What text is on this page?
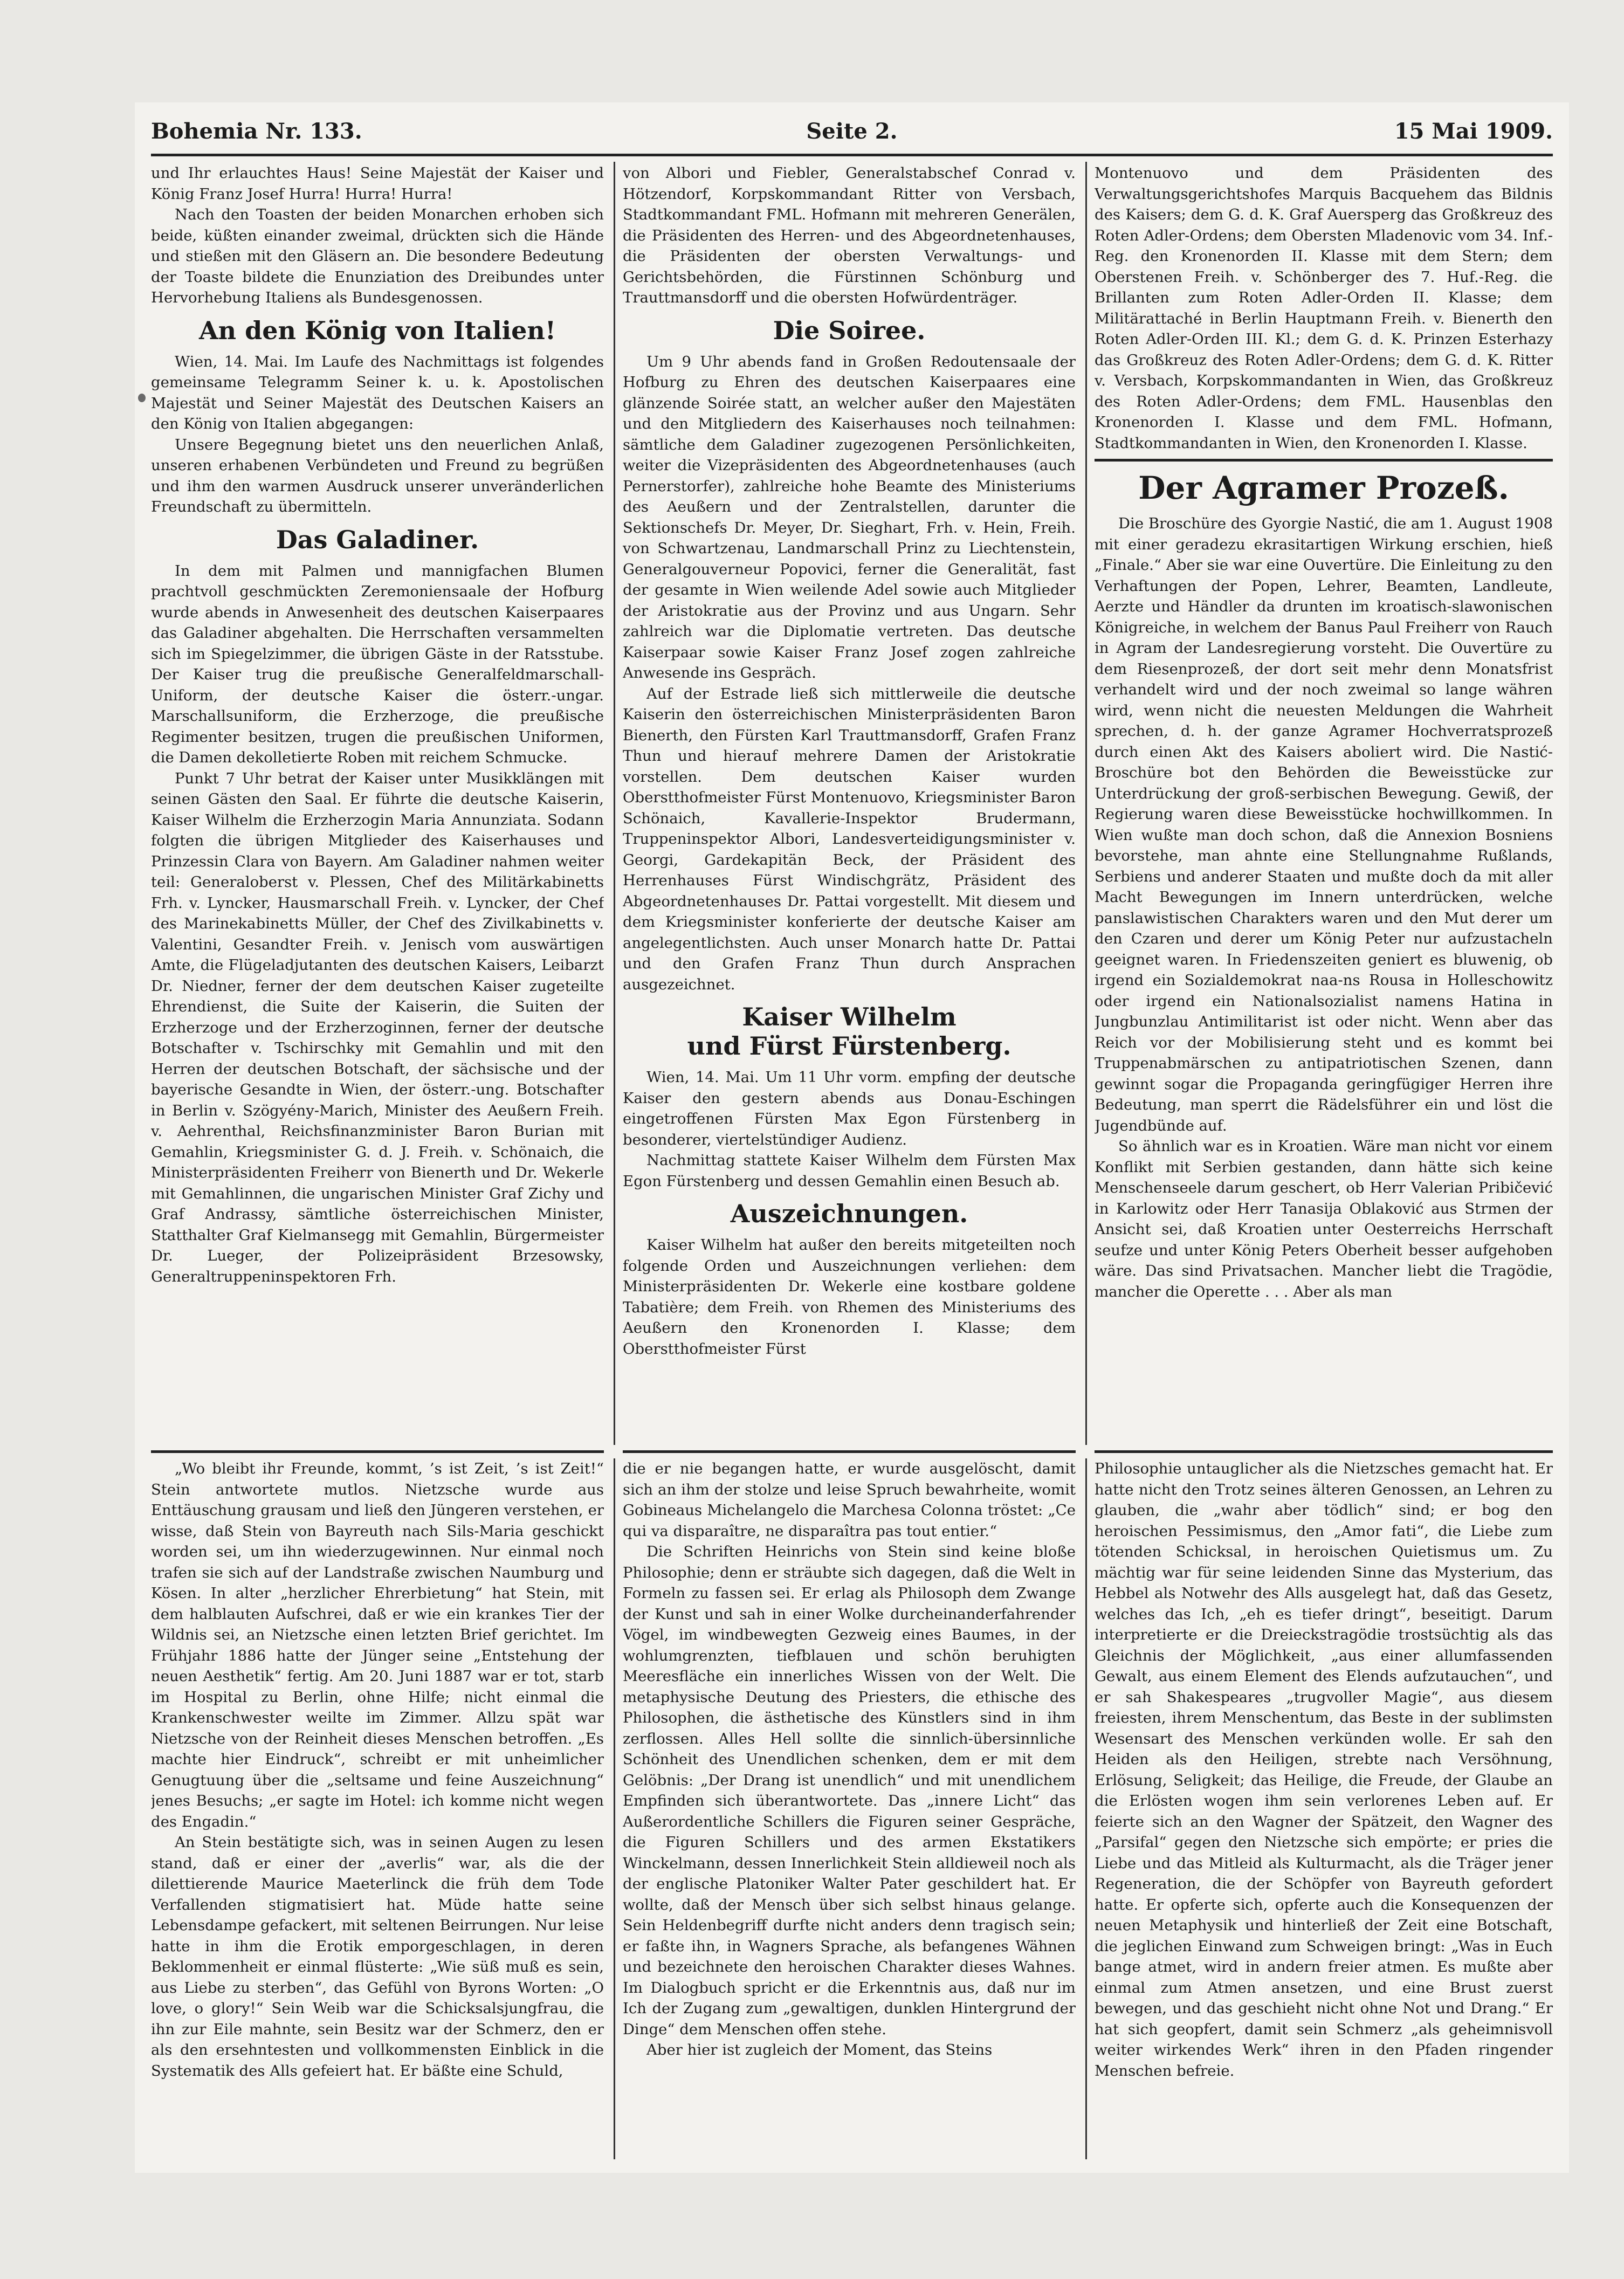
Bohemia Nr. 133.	Seite 2.	15 Mai 1909.

und Ihr erlauchtes Haus! Seine Majestät der Kaiser und König Franz Josef Hurra! Hurra! Hurra!

Nach den Toasten der beiden Monarchen erhoben sich beide, küßten einander zweimal, drückten sich die Hände und stießen mit den Gläsern an. Die besondere Bedeutung der Toaste bildete die Enunziation des Dreibundes unter Hervorhebung Italiens als Bundesgenossen.

An den König von Italien!

Wien, 14. Mai. Im Laufe des Nachmittags ist folgendes gemeinsame Telegramm Seiner k. u. k. Apostolischen Majestät und Seiner Majestät des Deutschen Kaisers an den König von Italien abgegangen:

Unsere Begegnung bietet uns den neuerlichen Anlaß, unseren erhabenen Verbündeten und Freund zu begrüßen und ihm den warmen Ausdruck unserer unveränderlichen Freundschaft zu übermitteln.

Das Galadiner.

In dem mit Palmen und mannigfachen Blumen prachtvoll geschmückten Zeremoniensaale der Hofburg wurde abends in Anwesenheit des deutschen Kaiserpaares das Galadiner abgehalten. Die Herrschaften versammelten sich im Spiegelzimmer, die übrigen Gäste in der Ratsstube. Der Kaiser trug die preußische Generalfeldmarschall-Uniform, der deutsche Kaiser die österr.-ungar. Marschallsuniform, die Erzherzoge, die preußische Regimenter besitzen, trugen die preußischen Uniformen, die Damen dekolletierte Roben mit reichem Schmucke.

Punkt 7 Uhr betrat der Kaiser unter Musikklängen mit seinen Gästen den Saal. Er führte die deutsche Kaiserin, Kaiser Wilhelm die Erzherzogin Maria Annunziata. Sodann folgten die übrigen Mitglieder des Kaiserhauses und Prinzessin Clara von Bayern. Am Galadiner nahmen weiter teil: Generaloberst v. Plessen, Chef des Militärkabinetts Frh. v. Lyncker, Hausmarschall Freih. v. Lyncker, der Chef des Marinekabinetts Müller, der Chef des Zivilkabinetts v. Valentini, Gesandter Freih. v. Jenisch vom auswärtigen Amte, die Flügeladjutanten des deutschen Kaisers, Leibarzt Dr. Niedner, ferner der dem deutschen Kaiser zugeteilte Ehrendienst, die Suite der Kaiserin, die Suiten der Erzherzoge und der Erzherzoginnen, ferner der deutsche Botschafter v. Tschirschky mit Gemahlin und mit den Herren der deutschen Botschaft, der sächsische und der bayerische Gesandte in Wien, der österr.-ung. Botschafter in Berlin v. Szögyény-Marich, Minister des Aeußern Freih. v. Aehrenthal, Reichsfinanzminister Baron Burian mit Gemahlin, Kriegsminister G. d. J. Freih. v. Schönaich, die Ministerpräsidenten Freiherr von Bienerth und Dr. Wekerle mit Gemahlinnen, die ungarischen Minister Graf Zichy und Graf Andrassy, sämtliche österreichischen Minister, Statthalter Graf Kielmansegg mit Gemahlin, Bürgermeister Dr. Lueger, der Polizeipräsident Brzesowsky, Generaltruppeninspektoren Frh.

von Albori und Fiebler, Generalstabschef Conrad v. Hötzendorf, Korpskommandant Ritter von Versbach, Stadtkommandant FML. Hofmann mit mehreren Generälen, die Präsidenten des Herren- und des Abgeordnetenhauses, die Präsidenten der obersten Verwaltungs- und Gerichtsbehörden, die Fürstinnen Schönburg und Trauttmansdorff und die obersten Hofwürdenträger.

Die Soiree.

Um 9 Uhr abends fand in Großen Redoutensaale der Hofburg zu Ehren des deutschen Kaiserpaares eine glänzende Soirée statt, an welcher außer den Majestäten und den Mitgliedern des Kaiserhauses noch teilnahmen: sämtliche dem Galadiner zugezogenen Persönlichkeiten, weiter die Vizepräsidenten des Abgeordnetenhauses (auch Pernerstorfer), zahlreiche hohe Beamte des Ministeriums des Aeußern und der Zentralstellen, darunter die Sektionschefs Dr. Meyer, Dr. Sieghart, Frh. v. Hein, Freih. von Schwartzenau, Landmarschall Prinz zu Liechtenstein, Generalgouverneur Popovici, ferner die Generalität, fast der gesamte in Wien weilende Adel sowie auch Mitglieder der Aristokratie aus der Provinz und aus Ungarn. Sehr zahlreich war die Diplomatie vertreten. Das deutsche Kaiserpaar sowie Kaiser Franz Josef zogen zahlreiche Anwesende ins Gespräch.

Auf der Estrade ließ sich mittlerweile die deutsche Kaiserin den österreichischen Ministerpräsidenten Baron Bienerth, den Fürsten Karl Trauttmansdorff, Grafen Franz Thun und hierauf mehrere Damen der Aristokratie vorstellen. Dem deutschen Kaiser wurden Oberstthofmeister Fürst Montenuovo, Kriegsminister Baron Schönaich, Kavallerie-Inspektor Brudermann, Truppeninspektor Albori, Landesverteidigungsminister v. Georgi, Gardekapitän Beck, der Präsident des Herrenhauses Fürst Windischgrätz, Präsident des Abgeordnetenhauses Dr. Pattai vorgestellt. Mit diesem und dem Kriegsminister konferierte der deutsche Kaiser am angelegentlichsten. Auch unser Monarch hatte Dr. Pattai und den Grafen Franz Thun durch Ansprachen ausgezeichnet.

Kaiser Wilhelm
und Fürst Fürstenberg.

Wien, 14. Mai. Um 11 Uhr vorm. empfing der deutsche Kaiser den gestern abends aus Donau-Eschingen eingetroffenen Fürsten Max Egon Fürstenberg in besonderer, viertelstündiger Audienz.

Nachmittag stattete Kaiser Wilhelm dem Fürsten Max Egon Fürstenberg und dessen Gemahlin einen Besuch ab.

Auszeichnungen.

Kaiser Wilhelm hat außer den bereits mitgeteilten noch folgende Orden und Auszeichnungen verliehen: dem Ministerpräsidenten Dr. Wekerle eine kostbare goldene Tabatière; dem Freih. von Rhemen des Ministeriums des Aeußern den Kronenorden I. Klasse; dem Oberstthofmeister Fürst

Montenuovo und dem Präsidenten des Verwaltungsgerichtshofes Marquis Bacquehem das Bildnis des Kaisers; dem G. d. K. Graf Auersperg das Großkreuz des Roten Adler-Ordens; dem Obersten Mladenovic vom 34. Inf.-Reg. den Kronenorden II. Klasse mit dem Stern; dem Oberstenen Freih. v. Schönberger des 7. Huf.-Reg. die Brillanten zum Roten Adler-Orden II. Klasse; dem Militärattaché in Berlin Hauptmann Freih. v. Bienerth den Roten Adler-Orden III. Kl.; dem G. d. K. Prinzen Esterhazy das Großkreuz des Roten Adler-Ordens; dem G. d. K. Ritter v. Versbach, Korpskommandanten in Wien, das Großkreuz des Roten Adler-Ordens; dem FML. Hausenblas den Kronenorden I. Klasse und dem FML. Hofmann, Stadtkommandanten in Wien, den Kronenorden I. Klasse.

Der Agramer Prozeß.

Die Broschüre des Gyorgie Nastić, die am 1. August 1908 mit einer geradezu ekrasitartigen Wirkung erschien, hieß „Finale.“ Aber sie war eine Ouvertüre. Die Einleitung zu den Verhaftungen der Popen, Lehrer, Beamten, Landleute, Aerzte und Händler da drunten im kroatisch-slawonischen Königreiche, in welchem der Banus Paul Freiherr von Rauch in Agram der Landesregierung vorsteht. Die Ouvertüre zu dem Riesenprozeß, der dort seit mehr denn Monatsfrist verhandelt wird und der noch zweimal so lange währen wird, wenn nicht die neuesten Meldungen die Wahrheit sprechen, d. h. der ganze Agramer Hochverratsprozeß durch einen Akt des Kaisers aboliert wird. Die Nastić-Broschüre bot den Behörden die Beweisstücke zur Unterdrückung der groß-serbischen Bewegung. Gewiß, der Regierung waren diese Beweisstücke hochwillkommen. In Wien wußte man doch schon, daß die Annexion Bosniens bevorstehe, man ahnte eine Stellungnahme Rußlands, Serbiens und anderer Staaten und mußte doch da mit aller Macht Bewegungen im Innern unterdrücken, welche panslawistischen Charakters waren und den Mut derer um den Czaren und derer um König Peter nur aufzustacheln geeignet waren. In Friedenszeiten geniert es bluwenig, ob irgend ein Sozialdemokrat naa-ns Rousa in Holleschowitz oder irgend ein Nationalsozialist namens Hatina in Jungbunzlau Antimilitarist ist oder nicht. Wenn aber das Reich vor der Mobilisierung steht und es kommt bei Truppenabmärschen zu antipatriotischen Szenen, dann gewinnt sogar die Propaganda geringfügiger Herren ihre Bedeutung, man sperrt die Rädelsführer ein und löst die Jugendbünde auf.

So ähnlich war es in Kroatien. Wäre man nicht vor einem Konflikt mit Serbien gestanden, dann hätte sich keine Menschenseele darum geschert, ob Herr Valerian Pribičević in Karlowitz oder Herr Tanasija Oblaković aus Strmen der Ansicht sei, daß Kroatien unter Oesterreichs Herrschaft seufze und unter König Peters Oberheit besser aufgehoben wäre. Das sind Privatsachen. Mancher liebt die Tragödie, mancher die Operette . . . Aber als man

„Wo bleibt ihr Freunde, kommt, ’s ist Zeit, ’s ist Zeit!“ Stein antwortete mutlos. Nietzsche wurde aus Enttäuschung grausam und ließ den Jüngeren verstehen, er wisse, daß Stein von Bayreuth nach Sils-Maria geschickt worden sei, um ihn wiederzugewinnen. Nur einmal noch trafen sie sich auf der Landstraße zwischen Naumburg und Kösen. In alter „herzlicher Ehrerbietung“ hat Stein, mit dem halblauten Aufschrei, daß er wie ein krankes Tier der Wildnis sei, an Nietzsche einen letzten Brief gerichtet. Im Frühjahr 1886 hatte der Jünger seine „Entstehung der neuen Aesthetik“ fertig. Am 20. Juni 1887 war er tot, starb im Hospital zu Berlin, ohne Hilfe; nicht einmal die Krankenschwester weilte im Zimmer. Allzu spät war Nietzsche von der Reinheit dieses Menschen betroffen. „Es machte hier Eindruck“, schreibt er mit unheimlicher Genugtuung über die „seltsame und feine Auszeichnung“ jenes Besuchs; „er sagte im Hotel: ich komme nicht wegen des Engadin.“

An Stein bestätigte sich, was in seinen Augen zu lesen stand, daß er einer der „averlis“ war, als die der dilettierende Maurice Maeterlinck die früh dem Tode Verfallenden stigmatisiert hat. Müde hatte seine Lebensdampe gefackert, mit seltenen Beirrungen. Nur leise hatte in ihm die Erotik emporgeschlagen, in deren Beklommenheit er einmal flüsterte: „Wie süß muß es sein, aus Liebe zu sterben“, das Gefühl von Byrons Worten: „O love, o glory!“ Sein Weib war die Schicksalsjungfrau, die ihn zur Eile mahnte, sein Besitz war der Schmerz, den er als den ersehntesten und vollkommensten Einblick in die Systematik des Alls gefeiert hat. Er bäßte eine Schuld,

die er nie begangen hatte, er wurde ausgelöscht, damit sich an ihm der stolze und leise Spruch bewahrheite, womit Gobineaus Michelangelo die Marchesa Colonna tröstet: „Ce qui va disparaître, ne disparaîtra pas tout entier.“

Die Schriften Heinrichs von Stein sind keine bloße Philosophie; denn er sträubte sich dagegen, daß die Welt in Formeln zu fassen sei. Er erlag als Philosoph dem Zwange der Kunst und sah in einer Wolke durcheinanderfahrender Vögel, im windbewegten Gezweig eines Baumes, in der wohlumgrenzten, tiefblauen und schön beruhigten Meeresfläche ein innerliches Wissen von der Welt. Die metaphysische Deutung des Priesters, die ethische des Philosophen, die ästhetische des Künstlers sind in ihm zerflossen. Alles Hell sollte die sinnlich-übersinnliche Schönheit des Unendlichen schenken, dem er mit dem Gelöbnis: „Der Drang ist unendlich“ und mit unendlichem Empfinden sich überantwortete. Das „innere Licht“ das Außerordentliche Schillers die Figuren seiner Gespräche, die Figuren Schillers und des armen Ekstatikers Winckelmann, dessen Innerlichkeit Stein alldieweil noch als der englische Platoniker Walter Pater geschildert hat. Er wollte, daß der Mensch über sich selbst hinaus gelange. Sein Heldenbegriff durfte nicht anders denn tragisch sein; er faßte ihn, in Wagners Sprache, als befangenes Wähnen und bezeichnete den heroischen Charakter dieses Wahnes. Im Dialogbuch spricht er die Erkenntnis aus, daß nur im Ich der Zugang zum „gewaltigen, dunklen Hintergrund der Dinge“ dem Menschen offen stehe.

Aber hier ist zugleich der Moment, das Steins

Philosophie untauglicher als die Nietzsches gemacht hat. Er hatte nicht den Trotz seines älteren Genossen, an Lehren zu glauben, die „wahr aber tödlich“ sind; er bog den heroischen Pessimismus, den „Amor fati“, die Liebe zum tötenden Schicksal, in heroischen Quietismus um. Zu mächtig war für seine leidenden Sinne das Mysterium, das Hebbel als Notwehr des Alls ausgelegt hat, daß das Gesetz, welches das Ich, „eh es tiefer dringt“, beseitigt. Darum interpretierte er die Dreieckstragödie trostsüchtig als das Gleichnis der Möglichkeit, „aus einer allumfassenden Gewalt, aus einem Element des Elends aufzutauchen“, und er sah Shakespeares „trugvoller Magie“, aus diesem freiesten, ihrem Menschentum, das Beste in der sublimsten Wesensart des Menschen verkünden wolle. Er sah den Heiden als den Heiligen, strebte nach Versöhnung, Erlösung, Seligkeit; das Heilige, die Freude, der Glaube an die Erlösten wogen ihm sein verlorenes Leben auf. Er feierte sich an den Wagner der Spätzeit, den Wagner des „Parsifal“ gegen den Nietzsche sich empörte; er pries die Liebe und das Mitleid als Kulturmacht, als die Träger jener Regeneration, die der Schöpfer von Bayreuth gefordert hatte. Er opferte sich, opferte auch die Konsequenzen der neuen Metaphysik und hinterließ der Zeit eine Botschaft, die jeglichen Einwand zum Schweigen bringt: „Was in Euch bange atmet, wird in andern freier atmen. Es mußte aber einmal zum Atmen ansetzen, und eine Brust zuerst bewegen, und das geschieht nicht ohne Not und Drang.“ Er hat sich geopfert, damit sein Schmerz „als geheimnisvoll weiter wirkendes Werk“ ihren in den Pfaden ringender Menschen befreie.
